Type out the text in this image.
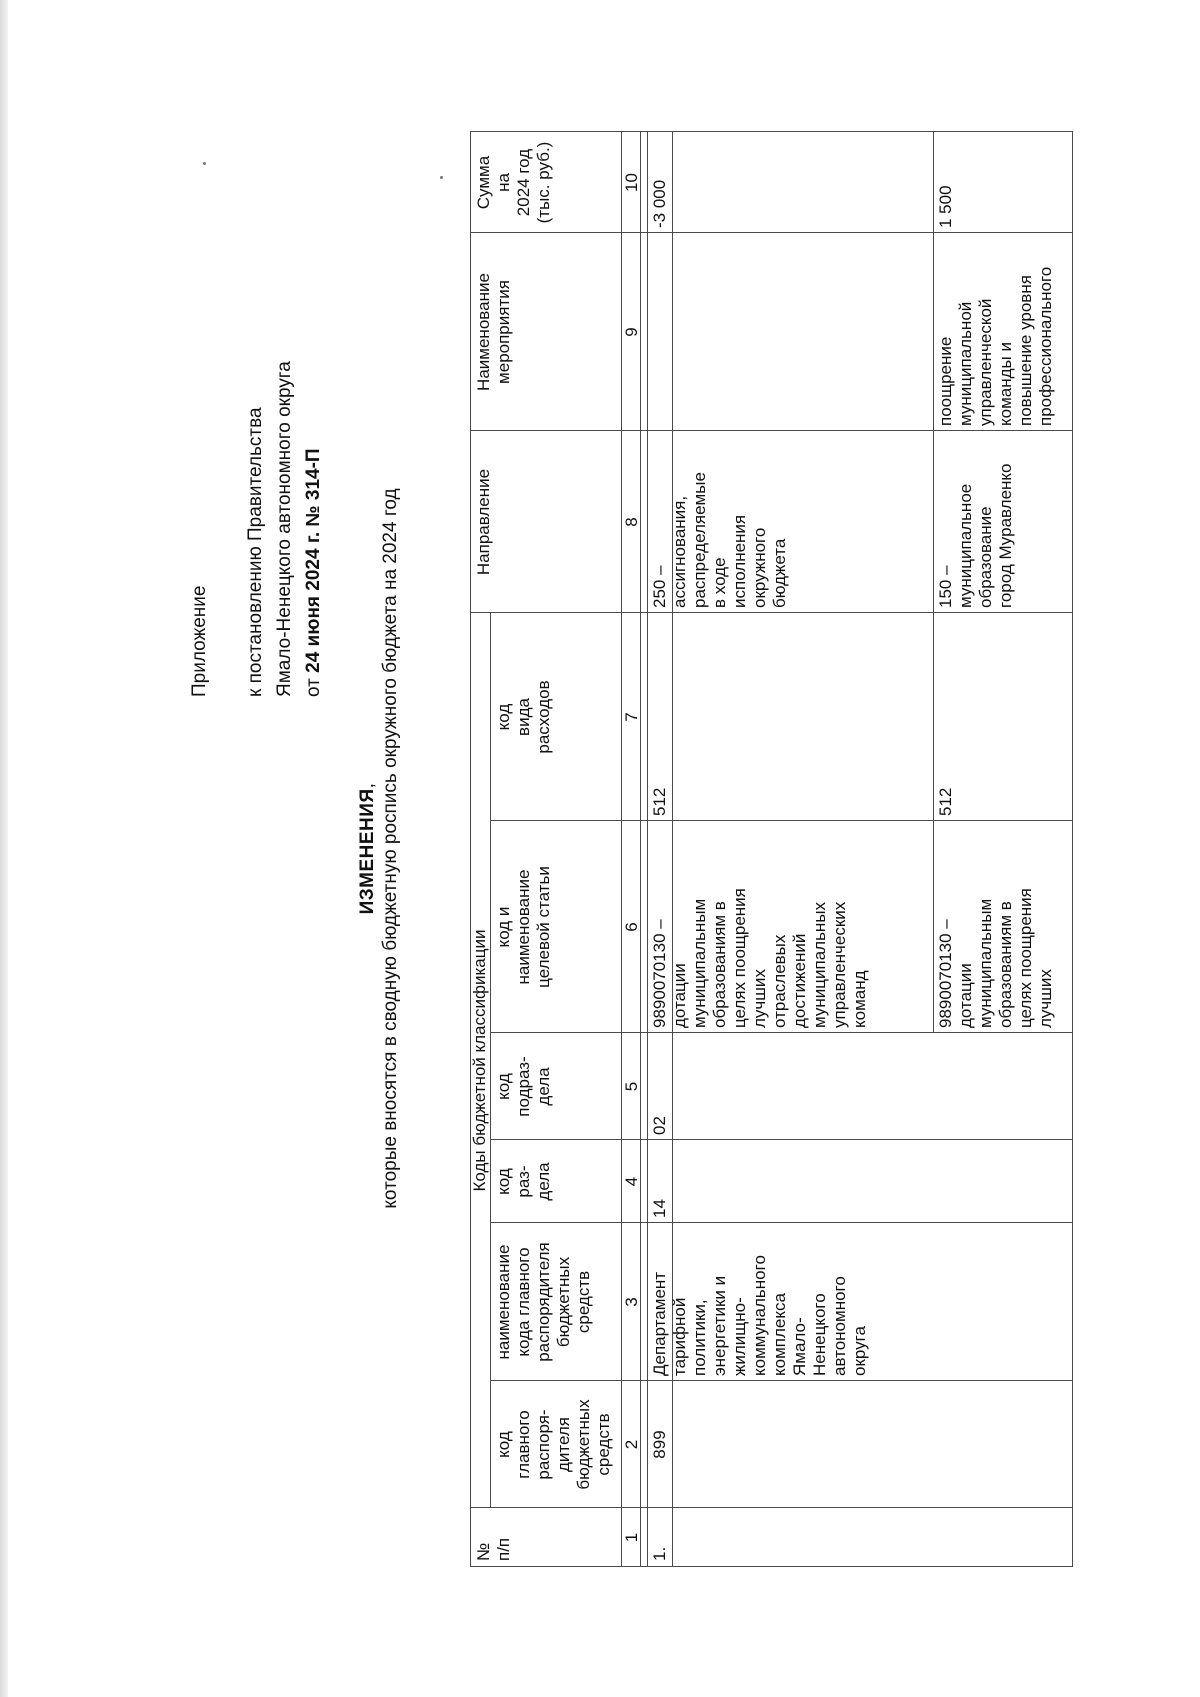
Приложение к постановлению Правительства Ямало-Ненецкого автономного округа от 24 июня 2024 г. № 314-П
ИЗМЕНЕНИЯ, которые вносятся в сводную бюджетную роспись окружного бюджета на 2024 год	Коды бюджетной классификации
№
п/п
код
главного
распоря-
дителя
бюджетных
средств
наименование
кода главного
распорядителя
бюджетных
средств
код
раз-
дела
код
подраз-
дела
код и
наименование
целевой статьи
код
вида
расходов
Направление
Наименование
мероприятия
Сумма
на
2024 год
(тыс. руб.)
1
2
3
4
5
6
7
8
9
10
1.
899
Департамент
тарифной
политики,
энергетики и
жилищно-
коммунального
комплекса
Ямало-
Ненецкого
автономного
округа
14
02
9890070130 –
дотации
муниципальным
образованиям в
целях поощрения
лучших
отраслевых
достижений
муниципальных
управленческих
команд
512
250 –
ассигнования,
распределяемые
в ходе
исполнения
окружного
бюджета
-3 000
9890070130 –
дотации
муниципальным
образованиям в
целях поощрения
лучших
512
150 –
муниципальное
образование
город Муравленко
поощрение
муниципальной
управленческой
команды и
повышение уровня
профессионального
1 500
